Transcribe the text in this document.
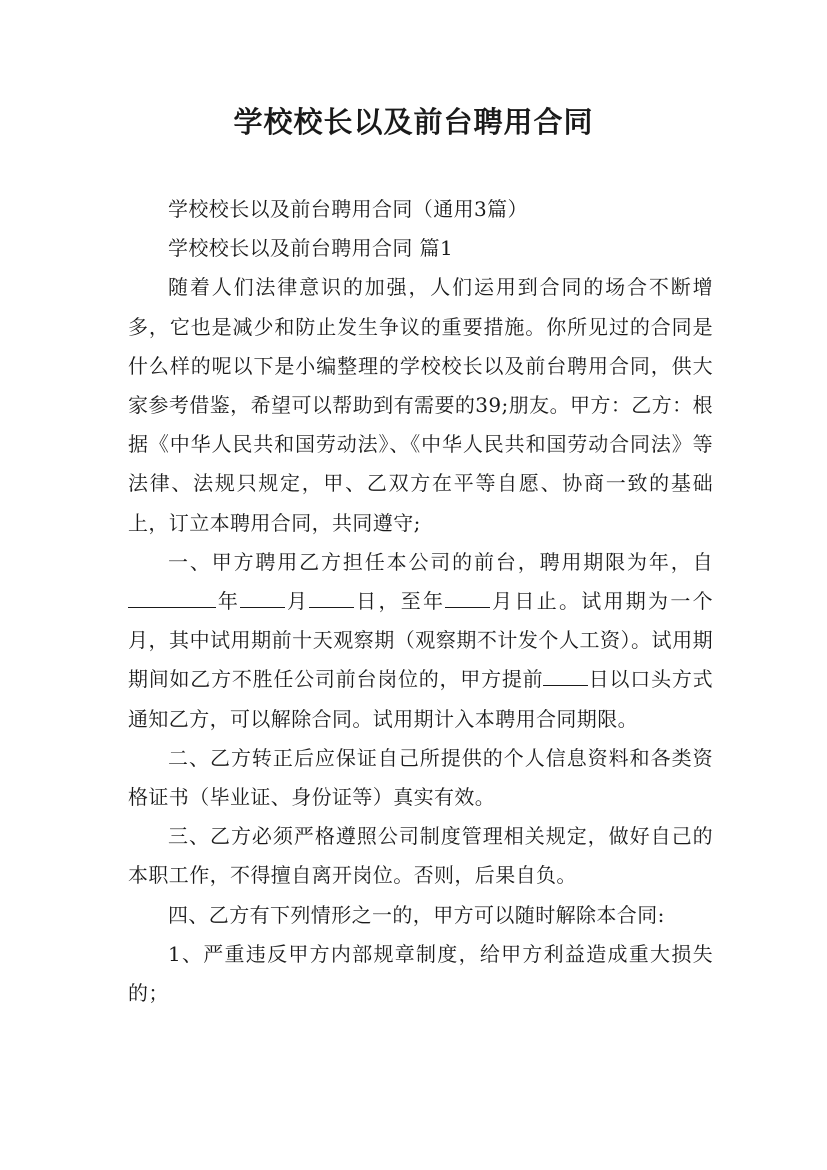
学校校长以及前台聘用合同

学校校长以及前台聘用合同（通用3篇）

学校校长以及前台聘用合同 篇1

随着人们法律意识的加强，人们运用到合同的场合不断增多，它也是减少和防止发生争议的重要措施。你所见过的合同是什么样的呢以下是小编整理的学校校长以及前台聘用合同，供大家参考借鉴，希望可以帮助到有需要的39;朋友。甲方：乙方：根据《中华人民共和国劳动法》、《中华人民共和国劳动合同法》等法律、法规只规定，甲、乙双方在平等自愿、协商一致的基础上，订立本聘用合同，共同遵守;

一、甲方聘用乙方担任本公司的前台，聘用期限为年，自年 月 日，至年 月日止。试用期为一个月，其中试用期前十天观察期（观察期不计发个人工资）。试用期期间如乙方不胜任公司前台岗位的，甲方提前 日以口头方式通知乙方，可以解除合同。试用期计入本聘用合同期限。

二、乙方转正后应保证自己所提供的个人信息资料和各类资格证书（毕业证、身份证等）真实有效。

三、乙方必须严格遵照公司制度管理相关规定，做好自己的本职工作，不得擅自离开岗位。否则，后果自负。

四、乙方有下列情形之一的，甲方可以随时解除本合同:

1、严重违反甲方内部规章制度，给甲方利益造成重大损失的；
